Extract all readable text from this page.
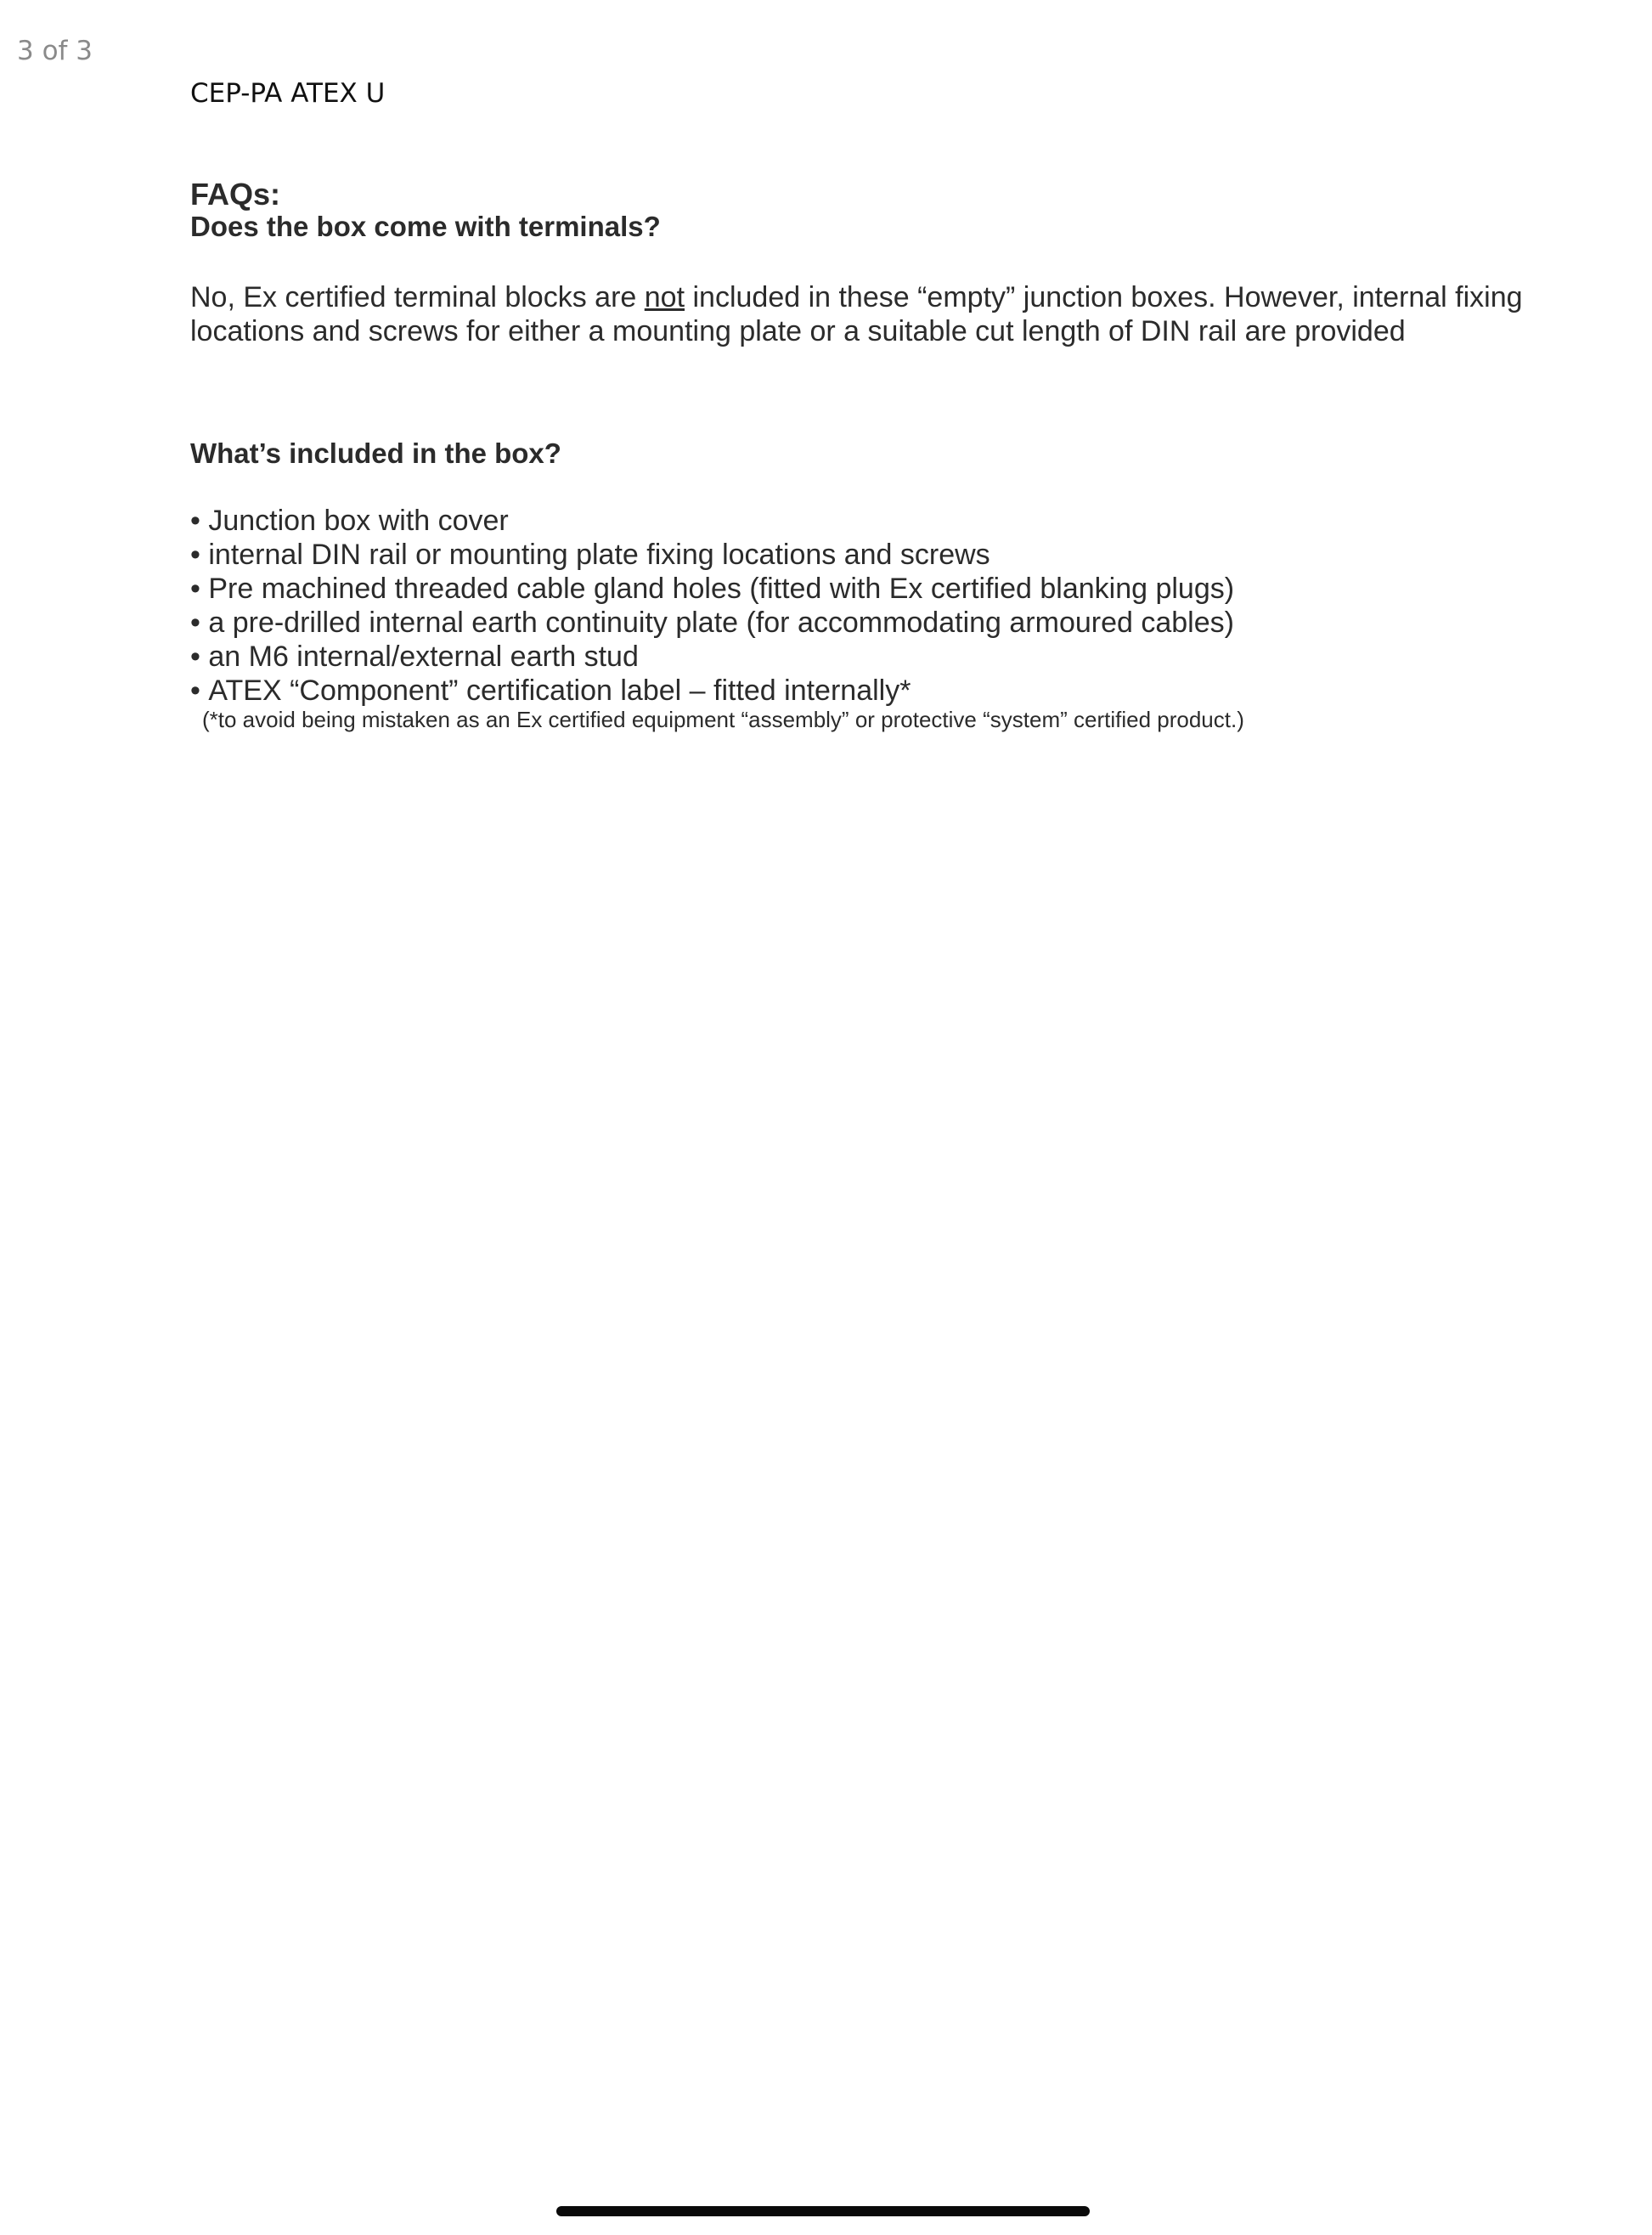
3 of 3
CEP-PA ATEX U
FAQs:
Does the box come with terminals?
No, Ex certified terminal blocks are not included in these “empty” junction boxes. However, internal fixing locations and screws for either a mounting plate or a suitable cut length of DIN rail are provided
What’s included in the box?
• Junction box with cover
• internal DIN rail or mounting plate fixing locations and screws
• Pre machined threaded cable gland holes (fitted with Ex certified blanking plugs)
• a pre-drilled internal earth continuity plate (for accommodating armoured cables)
• an M6 internal/external earth stud
• ATEX “Component” certification label – fitted internally*
(*to avoid being mistaken as an Ex certified equipment “assembly” or protective “system” certified product.)
